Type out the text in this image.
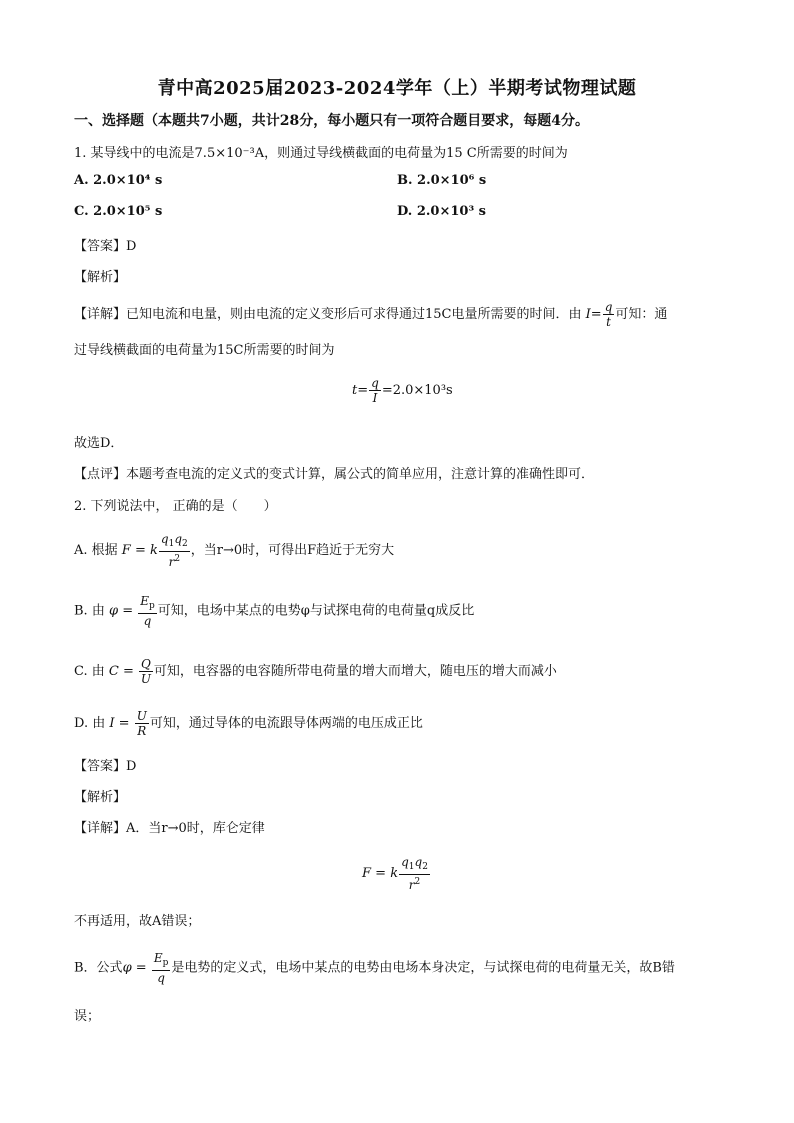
青中高2025届2023-2024学年（上）半期考试物理试题
一、选择题（本题共7小题，共计28分，每小题只有一项符合题目要求，每题4分。
1. 某导线中的电流是7.5×10⁻³A，则通过导线横截面的电荷量为15 C所需要的时间为
A. 2.0×10⁴ s	B. 2.0×10⁶ s
C. 2.0×10⁵ s	D. 2.0×10³ s
【答案】D
【解析】
【详解】已知电流和电量，则由电流的定义变形后可求得通过15C电量所需要的时间．由 $I= \frac{q}{t}$ 可知：通
过导线横截面的电荷量为15C所需要的时间为
$t= \frac{q}{I} =2.0\times 10^3s$
故选D．
【点评】本题考查电流的定义式的变式计算，属公式的简单应用，注意计算的准确性即可．
2. 下列说法中， 正确的是（　　）
A. 根据 F = k $\frac{q_1q_2}{r^2}$ ，当r→0时，可得出F趋近于无穷大
B. 由 $\varphi = \frac{E_p}{q}$ 可知，电场中某点的电势φ与试探电荷的电荷量q成反比
C. 由 $C = \frac{Q}{U}$ 可知，电容器的电容随所带电荷量的增大而增大，随电压的增大而减小
D. 由 $I = \frac{U}{R}$ 可知，通过导体的电流跟导体两端的电压成正比
【答案】D
【解析】
【详解】A．当r→0时，库仑定律
F = k $\frac{q_1q_2}{r^2}$
不再适用，故A错误；
B．公式$\varphi = \frac{E_p}{q}$ 是电势的定义式，电场中某点的电势由电场本身决定，与试探电荷的电荷量无关，故B错
误；
